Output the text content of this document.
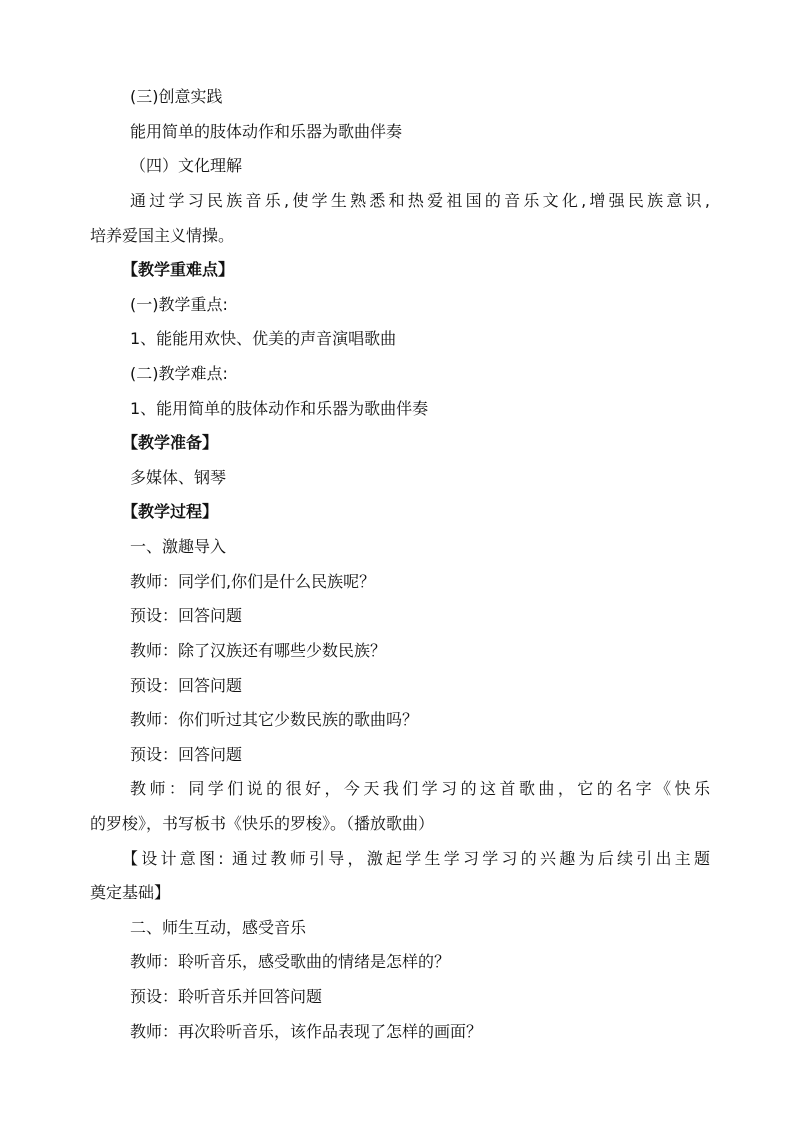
(三)创意实践
能用简单的肢体动作和乐器为歌曲伴奏
（四）文化理解
通过学习民族音乐,使学生熟悉和热爱祖国的音乐文化,增强民族意识,
培养爱国主义情操。
【教学重难点】
(一)教学重点:
1、能能用欢快、优美的声音演唱歌曲
(二)教学难点:
1、能用简单的肢体动作和乐器为歌曲伴奏
【教学准备】
多媒体、钢琴
【教学过程】
一、激趣导入
教师：同学们,你们是什么民族呢？
预设：回答问题
教师：除了汉族还有哪些少数民族？
预设：回答问题
教师：你们听过其它少数民族的歌曲吗？
预设：回答问题
教师：同学们说的很好，今天我们学习的这首歌曲，它的名字《快乐
的罗梭》，书写板书《快乐的罗梭》。（播放歌曲）
【设计意图: 通过教师引导，激起学生学习学习的兴趣为后续引出主题
奠定基础】
二、师生互动，感受音乐
教师：聆听音乐，感受歌曲的情绪是怎样的？
预设：聆听音乐并回答问题
教师：再次聆听音乐，该作品表现了怎样的画面？
